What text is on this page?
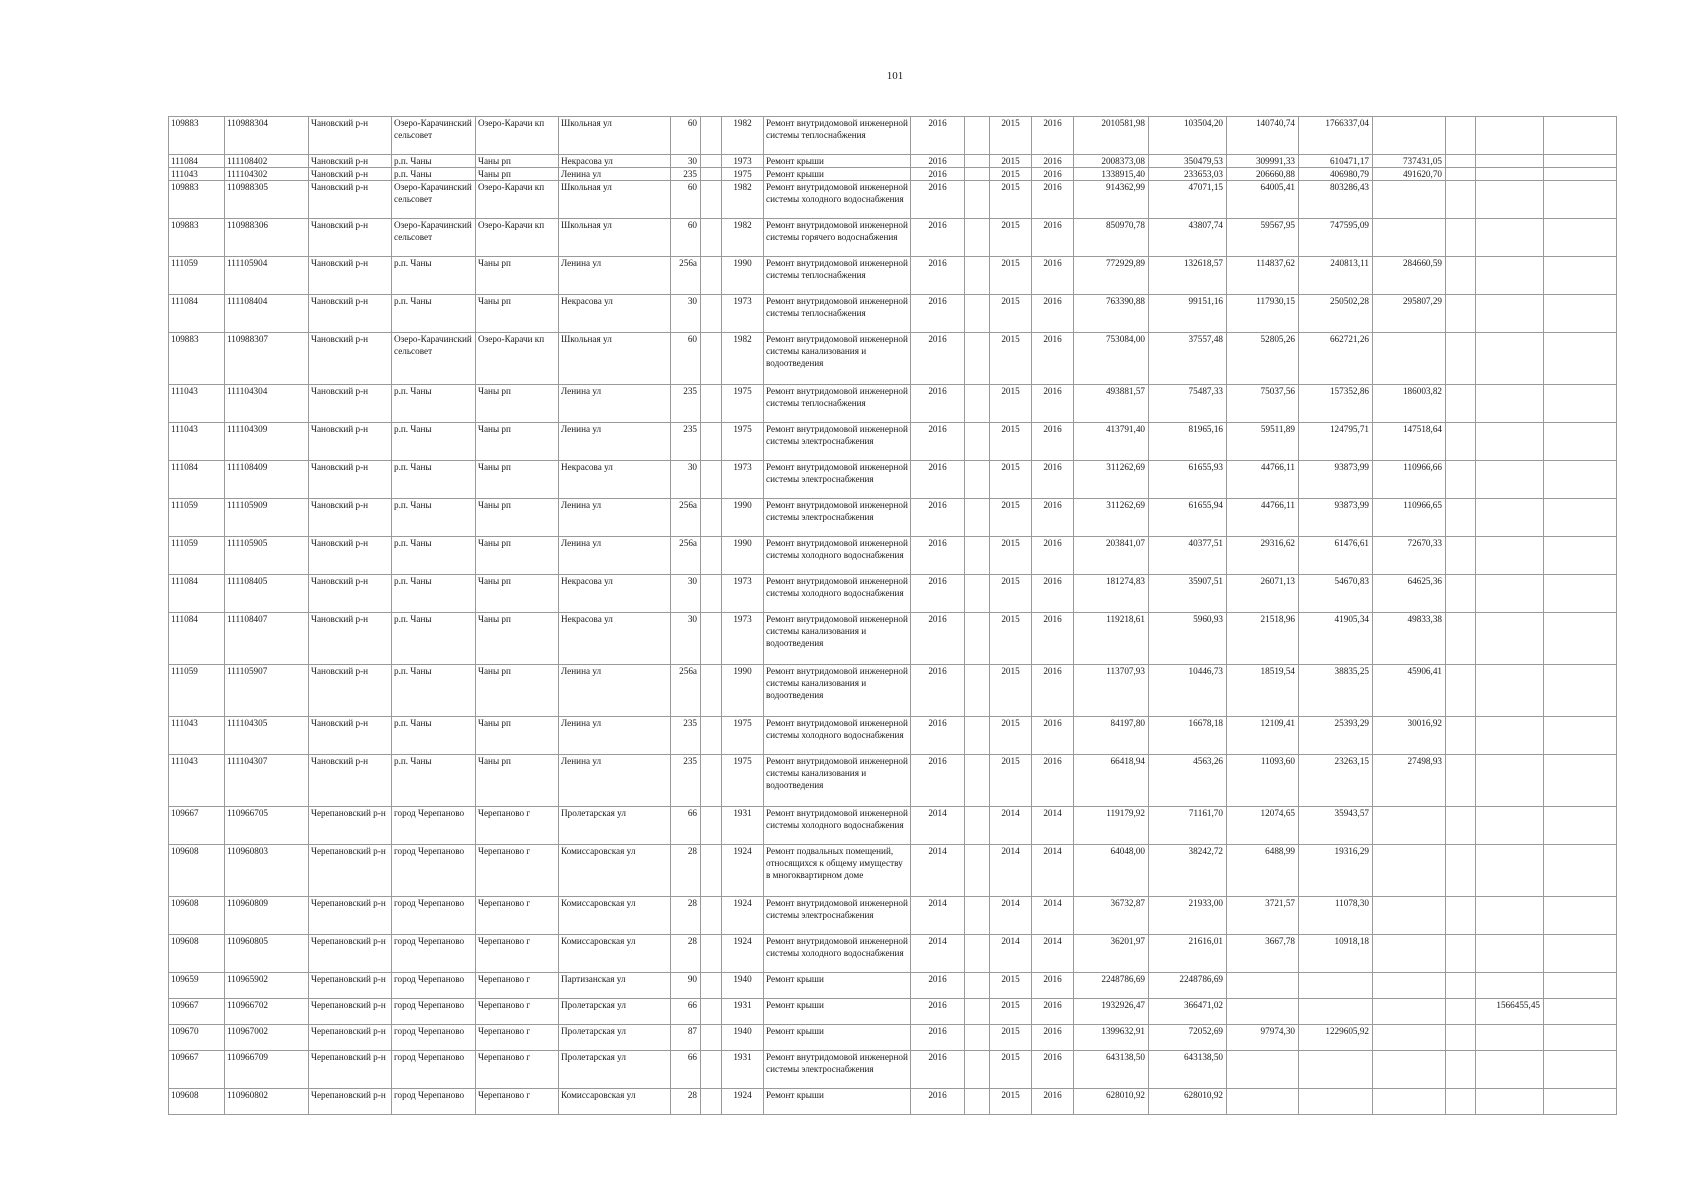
101
109883	110988304	Чановский р-н	Озеро-Карачинский сельсовет	Озеро-Карачи кп	Школьная ул	60		1982	Ремонт внутридомовой инженерной системы теплоснабжения	2016		2015	2016	2010581,98	103504,20	140740,74	1766337,04				
111084	111108402	Чановский р-н	р.п. Чаны	Чаны рп	Некрасова ул	30		1973	Ремонт крыши	2016		2015	2016	2008373,08	350479,53	309991,33	610471,17	737431,05			
111043	111104302	Чановский р-н	р.п. Чаны	Чаны рп	Ленина ул	235		1975	Ремонт крыши	2016		2015	2016	1338915,40	233653,03	206660,88	406980,79	491620,70			
109883	110988305	Чановский р-н	Озеро-Карачинский сельсовет	Озеро-Карачи кп	Школьная ул	60		1982	Ремонт внутридомовой инженерной системы холодного водоснабжения	2016		2015	2016	914362,99	47071,15	64005,41	803286,43				
109883	110988306	Чановский р-н	Озеро-Карачинский сельсовет	Озеро-Карачи кп	Школьная ул	60		1982	Ремонт внутридомовой инженерной системы горячего водоснабжения	2016		2015	2016	850970,78	43807,74	59567,95	747595,09				
111059	111105904	Чановский р-н	р.п. Чаны	Чаны рп	Ленина ул	256а		1990	Ремонт внутридомовой инженерной системы теплоснабжения	2016		2015	2016	772929,89	132618,57	114837,62	240813,11	284660,59			
111084	111108404	Чановский р-н	р.п. Чаны	Чаны рп	Некрасова ул	30		1973	Ремонт внутридомовой инженерной системы теплоснабжения	2016		2015	2016	763390,88	99151,16	117930,15	250502,28	295807,29			
109883	110988307	Чановский р-н	Озеро-Карачинский сельсовет	Озеро-Карачи кп	Школьная ул	60		1982	Ремонт внутридомовой инженерной системы канализования и водоотведения	2016		2015	2016	753084,00	37557,48	52805,26	662721,26				
111043	111104304	Чановский р-н	р.п. Чаны	Чаны рп	Ленина ул	235		1975	Ремонт внутридомовой инженерной системы теплоснабжения	2016		2015	2016	493881,57	75487,33	75037,56	157352,86	186003,82			
111043	111104309	Чановский р-н	р.п. Чаны	Чаны рп	Ленина ул	235		1975	Ремонт внутридомовой инженерной системы электроснабжения	2016		2015	2016	413791,40	81965,16	59511,89	124795,71	147518,64			
111084	111108409	Чановский р-н	р.п. Чаны	Чаны рп	Некрасова ул	30		1973	Ремонт внутридомовой инженерной системы электроснабжения	2016		2015	2016	311262,69	61655,93	44766,11	93873,99	110966,66			
111059	111105909	Чановский р-н	р.п. Чаны	Чаны рп	Ленина ул	256а		1990	Ремонт внутридомовой инженерной системы электроснабжения	2016		2015	2016	311262,69	61655,94	44766,11	93873,99	110966,65			
111059	111105905	Чановский р-н	р.п. Чаны	Чаны рп	Ленина ул	256а		1990	Ремонт внутридомовой инженерной системы холодного водоснабжения	2016		2015	2016	203841,07	40377,51	29316,62	61476,61	72670,33			
111084	111108405	Чановский р-н	р.п. Чаны	Чаны рп	Некрасова ул	30		1973	Ремонт внутридомовой инженерной системы холодного водоснабжения	2016		2015	2016	181274,83	35907,51	26071,13	54670,83	64625,36			
111084	111108407	Чановский р-н	р.п. Чаны	Чаны рп	Некрасова ул	30		1973	Ремонт внутридомовой инженерной системы канализования и водоотведения	2016		2015	2016	119218,61	5960,93	21518,96	41905,34	49833,38			
111059	111105907	Чановский р-н	р.п. Чаны	Чаны рп	Ленина ул	256а		1990	Ремонт внутридомовой инженерной системы канализования и водоотведения	2016		2015	2016	113707,93	10446,73	18519,54	38835,25	45906,41			
111043	111104305	Чановский р-н	р.п. Чаны	Чаны рп	Ленина ул	235		1975	Ремонт внутридомовой инженерной системы холодного водоснабжения	2016		2015	2016	84197,80	16678,18	12109,41	25393,29	30016,92			
111043	111104307	Чановский р-н	р.п. Чаны	Чаны рп	Ленина ул	235		1975	Ремонт внутридомовой инженерной системы канализования и водоотведения	2016		2015	2016	66418,94	4563,26	11093,60	23263,15	27498,93			
109667	110966705	Черепановский р-н	город Черепаново	Черепаново г	Пролетарская ул	66		1931	Ремонт внутридомовой инженерной системы холодного водоснабжения	2014		2014	2014	119179,92	71161,70	12074,65	35943,57				
109608	110960803	Черепановский р-н	город Черепаново	Черепаново г	Комиссаровская ул	28		1924	Ремонт подвальных помещений, относящихся к общему имуществу в многоквартирном доме	2014		2014	2014	64048,00	38242,72	6488,99	19316,29				
109608	110960809	Черепановский р-н	город Черепаново	Черепаново г	Комиссаровская ул	28		1924	Ремонт внутридомовой инженерной системы электроснабжения	2014		2014	2014	36732,87	21933,00	3721,57	11078,30				
109608	110960805	Черепановский р-н	город Черепаново	Черепаново г	Комиссаровская ул	28		1924	Ремонт внутридомовой инженерной системы холодного водоснабжения	2014		2014	2014	36201,97	21616,01	3667,78	10918,18				
109659	110965902	Черепановский р-н	город Черепаново	Черепаново г	Партизанская ул	90		1940	Ремонт крыши	2016		2015	2016	2248786,69	2248786,69						
109667	110966702	Черепановский р-н	город Черепаново	Черепаново г	Пролетарская ул	66		1931	Ремонт крыши	2016		2015	2016	1932926,47	366471,02					1566455,45	
109670	110967002	Черепановский р-н	город Черепаново	Черепаново г	Пролетарская ул	87		1940	Ремонт крыши	2016		2015	2016	1399632,91	72052,69	97974,30	1229605,92				
109667	110966709	Черепановский р-н	город Черепаново	Черепаново г	Пролетарская ул	66		1931	Ремонт внутридомовой инженерной системы электроснабжения	2016		2015	2016	643138,50	643138,50						
109608	110960802	Черепановский р-н	город Черепаново	Черепаново г	Комиссаровская ул	28		1924	Ремонт крыши	2016		2015	2016	628010,92	628010,92						
